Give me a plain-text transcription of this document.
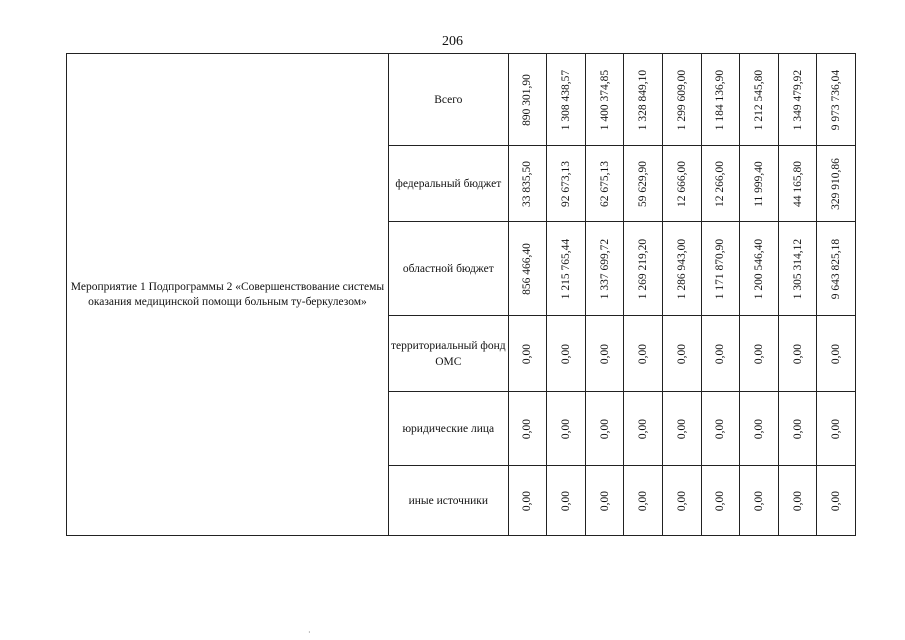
206
Мероприятие 1 Подпрограммы 2 «Совершенствование системы оказания медицинской помощи больным ту-беркулезом»	Всего	890 301,90	1 308 438,57	1 400 374,85	1 328 849,10	1 299 609,00	1 184 136,90	1 212 545,80	1 349 479,92	9 973 736,04

	федеральный бюджет	33 835,50	92 673,13	62 675,13	59 629,90	12 666,00	12 266,00	11 999,40	44 165,80	329 910,86

	областной бюджет	856 466,40	1 215 765,44	1 337 699,72	1 269 219,20	1 286 943,00	1 171 870,90	1 200 546,40	1 305 314,12	9 643 825,18

	территориальный фонд ОМС	0,00	0,00	0,00	0,00	0,00	0,00	0,00	0,00	0,00

	юридические лица	0,00	0,00	0,00	0,00	0,00	0,00	0,00	0,00	0,00

	иные источники	0,00	0,00	0,00	0,00	0,00	0,00	0,00	0,00	0,00
·
